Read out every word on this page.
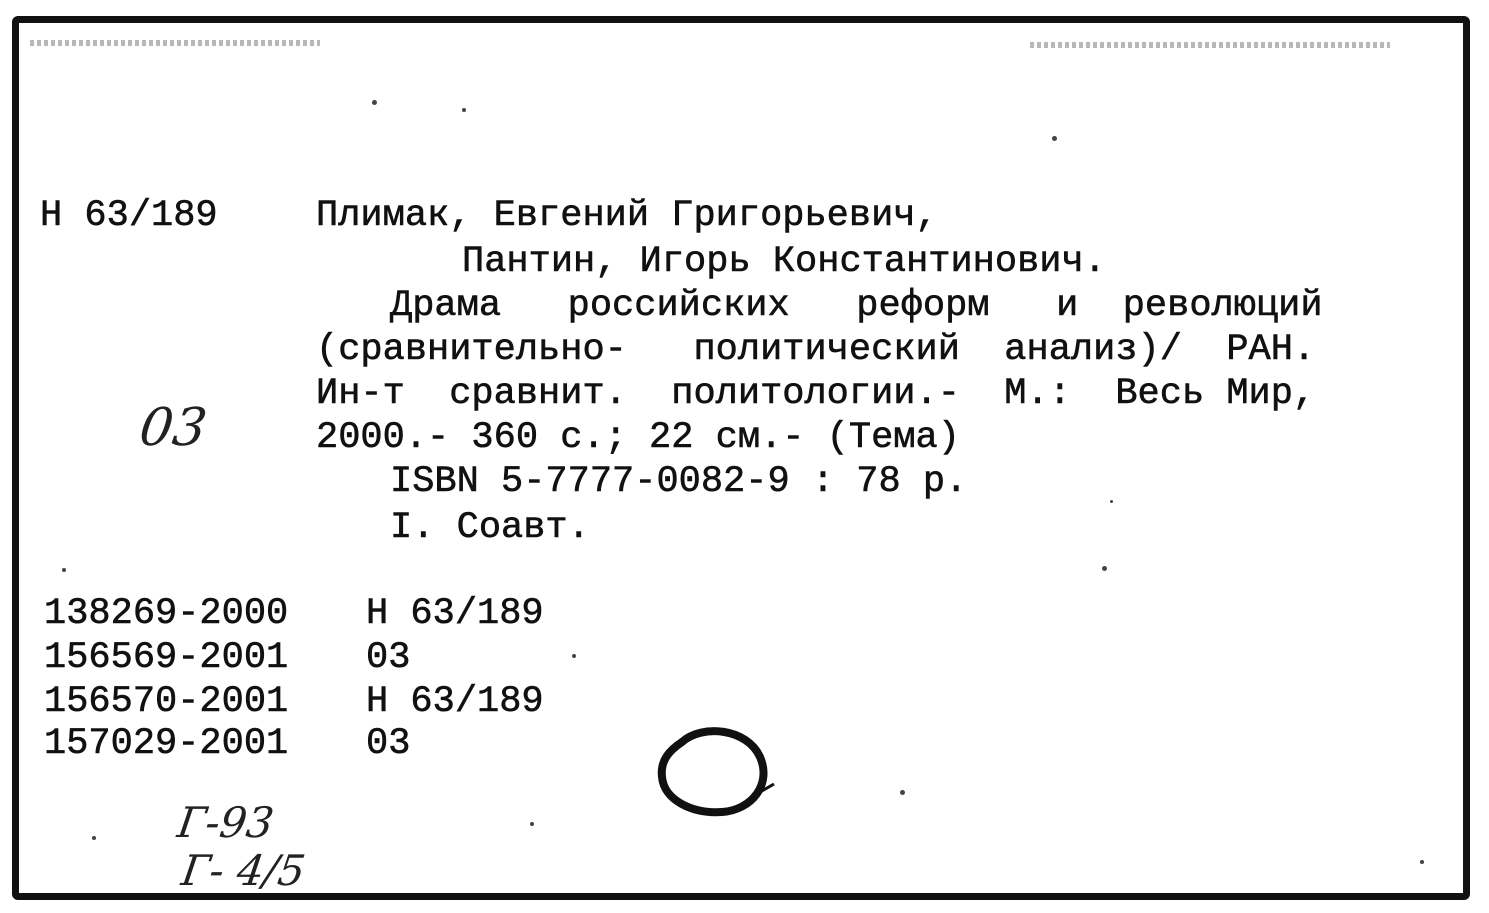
Н 63/189	Плимак, Евгений Григорьевич,
Пантин, Игорь Константинович.
Драма   российских   реформ   и  революций
(сравнительно-   политический  анализ)/  РАН.
Ин-т  сравнит.  политологии.-  М.:  Весь Мир,
2000.- 360 с.; 22 см.- (Тема)
ISBN 5-7777-0082-9 : 78 р.
I. Соавт.
03
138269-2000 Н 63/189
156569-2001 03
156570-2001 Н 63/189
157029-2001 03
Г-93
Г- 4/5
